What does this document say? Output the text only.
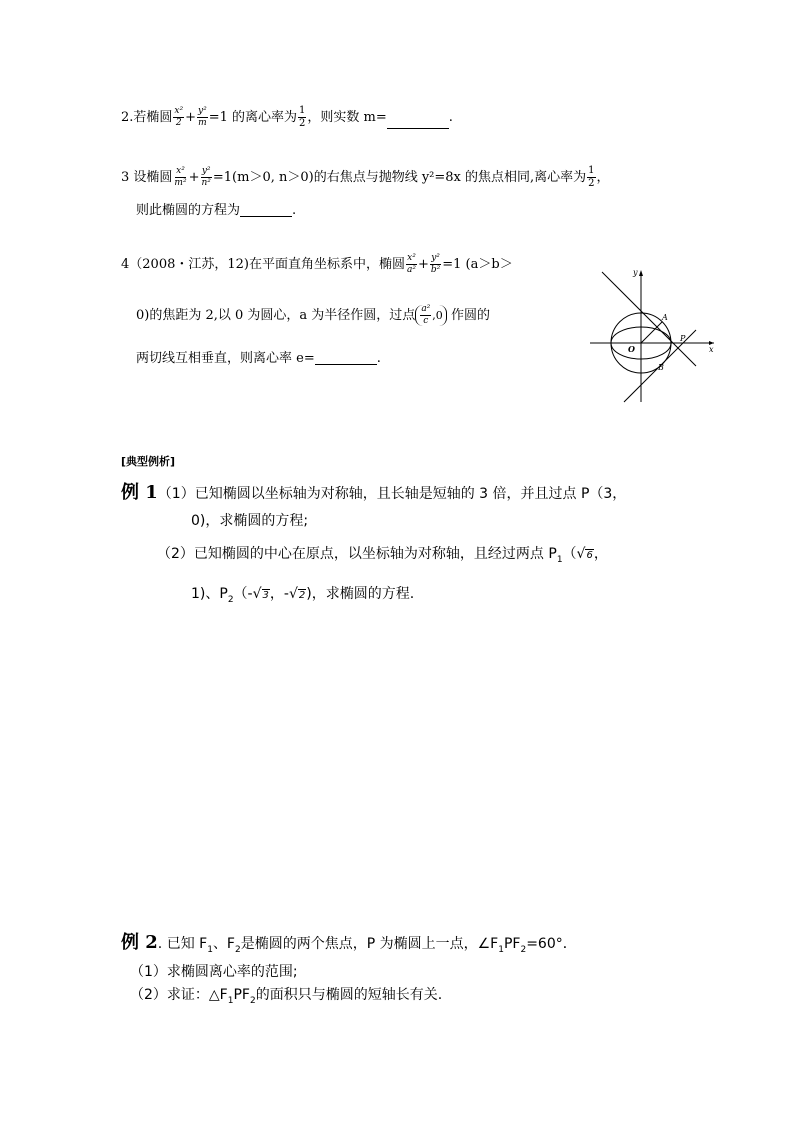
2.若椭圆 $\frac{\text{x²}}{2} + \frac{\text{y²}}{m} =1$ 的离心率为 $\frac{1}{2}$ ，则实数 m=	.
3 设椭圆 $\frac{\text{x²}}{\text{m²}} + \frac{\text{y²}}{\text{n²}} =1(m>0$, n＞0)的右焦点与抛物线 y²=8x 的焦点相同,离心率为 $\frac{1}{2}$ ，
则此椭圆的方程为	.
4（2008・江苏，12)在平面直角坐标系中，椭圆 $\frac{\text{x²}}{\text{a²}} + \frac{\text{y²}}{\text{b²}} =1$ (a＞b＞
0)的焦距为 2,以 0 为圆心，a 为半径作圆，过点 $\frac{\text{a²}}{c} ,0$ 作圆的
两切线互相垂直，则离心率 e=	.
y
x
O
A
B
P
[典型例析]
例 1（1）已知椭圆以坐标轴为对称轴，且长轴是短轴的 3 倍，并且过点 P（3，
0)，求椭圆的方程;
（2）已知椭圆的中心在原点，以坐标轴为对称轴，且经过两点 $P_1(√6$，
1)、$P_2(-√3$，-√2)，求椭圆的方程.
例 2. 已知 $F_1$、$F_2$是椭圆的两个焦点，P 为椭圆上一点，$\angle F_1PF_2=60^\circ$．
（1）求椭圆离心率的范围;
（2）求证：$\triangle F_1PF_2$的面积只与椭圆的短轴长有关.
